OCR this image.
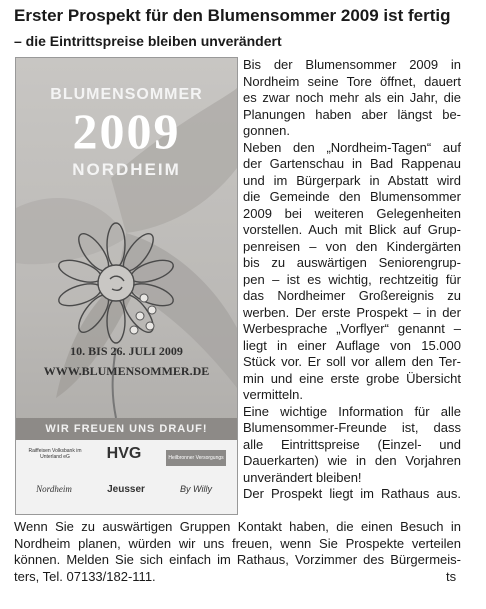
Erster Prospekt für den Blumensommer 2009 ist fertig
– die Eintrittspreise bleiben unverändert
BLUMENSOMMER
2009
NORDHEIM
10. BIS 26. JULI 2009
WWW.BLUMENSOMMER.DE
WIR FREUEN UNS DRAUF!
Raiffeisen Volksbank im Unterland eG	HVG	Heilbronner Versorgungs
Nordheim	Jeusser	By Willy

Bis der Blumensommer 2009 in

Nordheim seine Tore öffnet, dauert

es zwar noch mehr als ein Jahr, die

Planungen haben aber längst be-

gonnen.

Neben den „Nordheim-Tagen“ auf

der Gartenschau in Bad Rappenau

und im Bürgerpark in Abstatt wird

die Gemeinde den Blumensommer

2009 bei weiteren Gelegenheiten

vorstellen. Auch mit Blick auf Grup-

penreisen – von den Kindergärten

bis zu auswärtigen Seniorengrup-

pen – ist es wichtig, rechtzeitig für

das Nordheimer Großereignis zu

werben. Der erste Prospekt – in der

Werbesprache „Vorflyer“ genannt –

liegt in einer Auflage von 15.000

Stück vor. Er soll vor allem den Ter-

min und eine erste grobe Übersicht

vermitteln.

Eine wichtige Information für alle

Blumensommer-Freunde ist, dass

alle Eintrittspreise (Einzel- und

Dauerkarten) wie in den Vorjahren

unverändert bleiben!

Der Prospekt liegt im Rathaus aus.

Wenn Sie zu auswärtigen Gruppen Kontakt haben, die einen Besuch in

Nordheim planen, würden wir uns freuen, wenn Sie Prospekte verteilen

können. Melden Sie sich einfach im Rathaus, Vorzimmer des Bürgermeis-

ters, Tel. 07133/182-111.	ts
